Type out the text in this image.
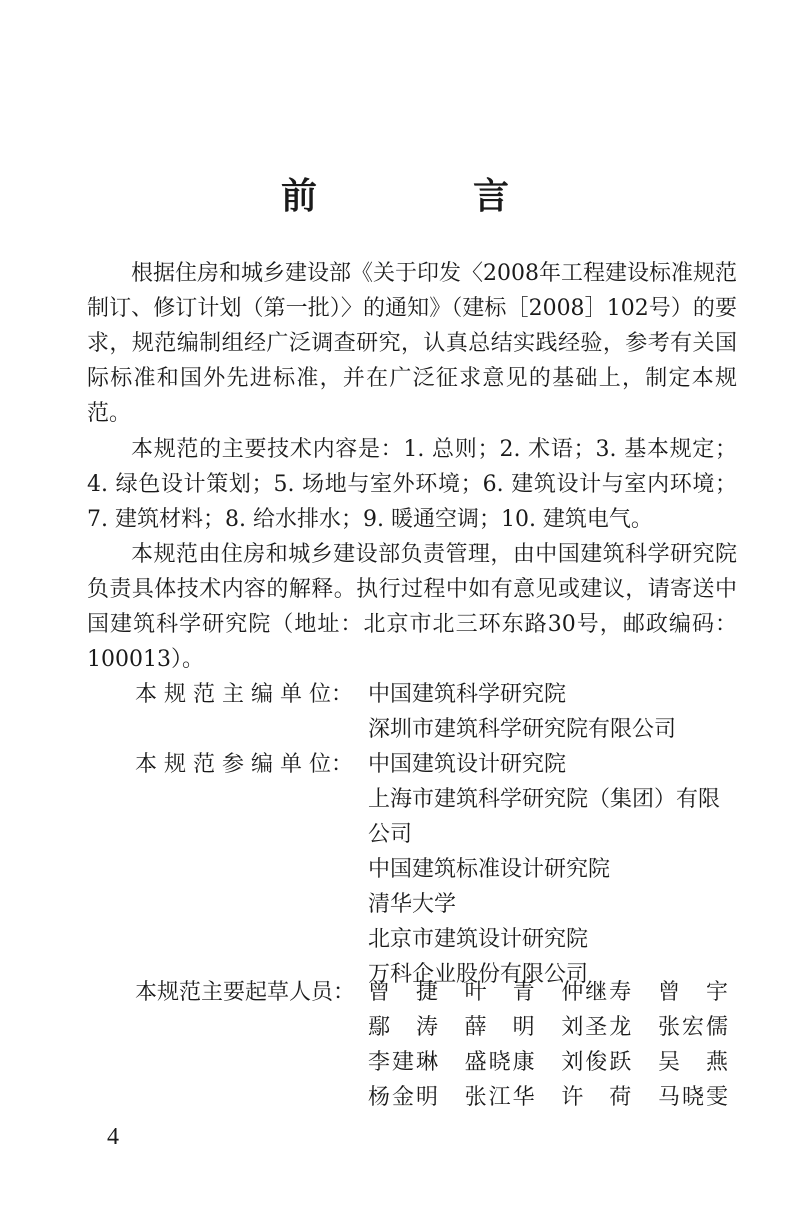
前　言

根据住房和城乡建设部《关于印发〈2008年工程建设标准规范制订、修订计划（第一批）〉的通知》（建标［2008］102号）的要求，规范编制组经广泛调查研究，认真总结实践经验，参考有关国际标准和国外先进标准，并在广泛征求意见的基础上，制定本规范。

本规范的主要技术内容是：1. 总则；2. 术语；3. 基本规定；4. 绿色设计策划；5. 场地与室外环境；6. 建筑设计与室内环境；7. 建筑材料；8. 给水排水；9. 暖通空调；10. 建筑电气。

本规范由住房和城乡建设部负责管理，由中国建筑科学研究院负责具体技术内容的解释。执行过程中如有意见或建议，请寄送中国建筑科学研究院（地址：北京市北三环东路30号，邮政编码：100013）。

本 规 范 主 编 单 位： 中国建筑科学研究院
深圳市建筑科学研究院有限公司
本 规 范 参 编 单 位： 中国建筑设计研究院

上海市建筑科学研究院（集团）有限公司

中国建筑标准设计研究院
清华大学
北京市建筑设计研究院
万科企业股份有限公司
本规范主要起草人员： 曾捷 叶青 仲继寿 曾宇
鄢涛 薛明 刘圣龙 张宏儒
李建琳 盛晓康 刘俊跃 吴燕
杨金明 张江华 许荷 马晓雯
4
